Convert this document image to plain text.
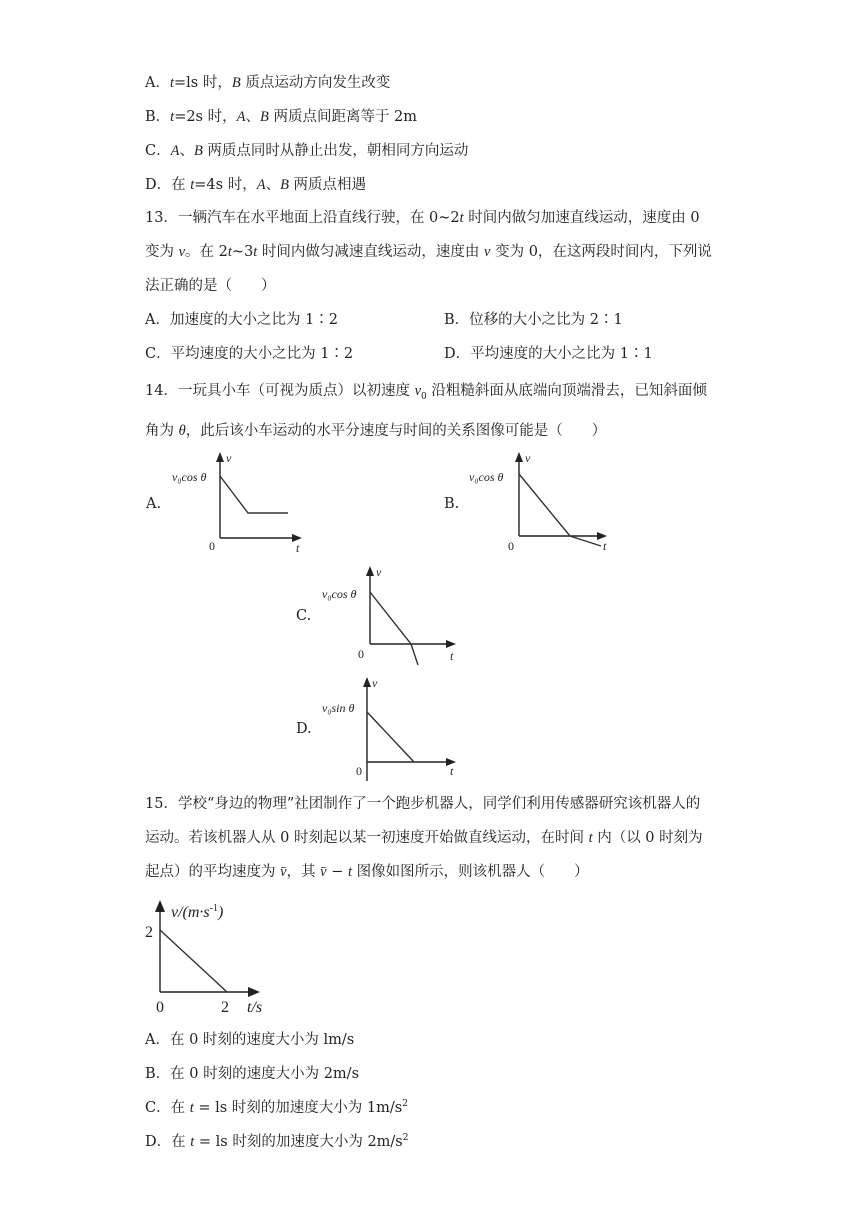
A．t=ls 时，B 质点运动方向发生改变
B．t=2s 时，A、B 两质点间距离等于 2m
C．A、B 两质点同时从静止出发，朝相同方向运动
D．在 t=4s 时，A、B 两质点相遇
13．一辆汽车在水平地面上沿直线行驶，在 0~2t 时间内做匀加速直线运动，速度由 0
变为 v。在 2t~3t 时间内做匀减速直线运动，速度由 v 变为 0，在这两段时间内，下列说
法正确的是（　　）
A．加速度的大小之比为 1∶2	B．位移的大小之比为 2∶1
C．平均速度的大小之比为 1∶2	D．平均速度的大小之比为 1∶1
14．一玩具小车（可视为质点）以初速度 $v_0$ 沿粗糙斜面从底端向顶端滑去，已知斜面倾
角为 θ，此后该小车运动的水平分速度与时间的关系图像可能是（　　）
A.
v₀cos θ
v
t
0
B.
v₀cos θ
v
t
0
C.
v₀cos θ
v
t
0
D.
v₀sin θ
v
t
0
15．学校“身边的物理”社团制作了一个跑步机器人，同学们利用传感器研究该机器人的
运动。若该机器人从 0 时刻起以某一初速度开始做直线运动，在时间 t 内（以 0 时刻为
起点）的平均速度为 v̄，其 v̄ − t 图像如图所示，则该机器人（　　）
$v/(m\cdot s^{-1})$
2
0	2 t/s
A．在 0 时刻的速度大小为 lm/s
B．在 0 时刻的速度大小为 2m/s
C．在 t = ls 时刻的加速度大小为 $1m/s^2$
D．在 t = ls 时刻的加速度大小为 $2m/s^2$
